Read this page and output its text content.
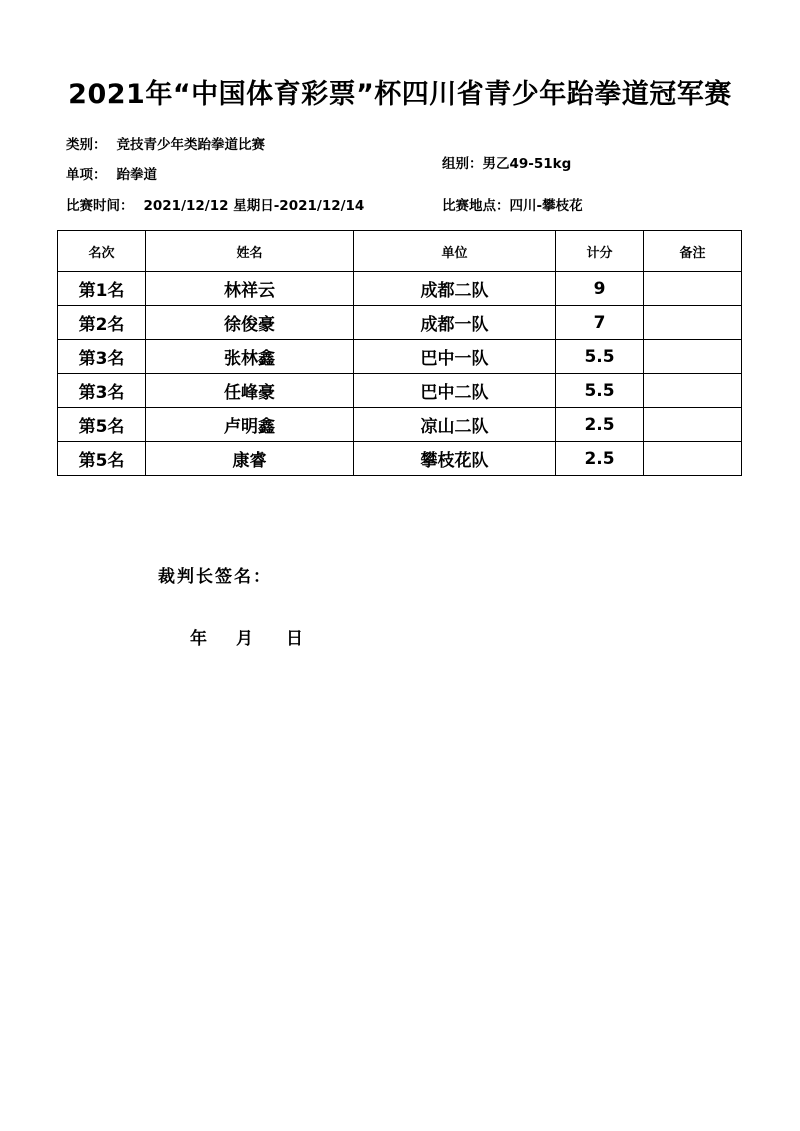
2021年“中国体育彩票”杯四川省青少年跆拳道冠军赛
类别： 竞技青少年类跆拳道比赛
单项： 跆拳道
组别：男乙49-51kg
比赛时间： 2021/12/12 星期日-2021/12/14	比赛地点：四川-攀枝花
名次	姓名	单位	计分	备注
第1名	林祥云	成都二队	9	
第2名	徐俊豪	成都一队	7	
第3名	张林鑫	巴中一队	5.5	
第3名	任峰豪	巴中二队	5.5	
第5名	卢明鑫	凉山二队	2.5	
第5名	康睿	攀枝花队	2.5	
裁判长签名：
年 月 日
